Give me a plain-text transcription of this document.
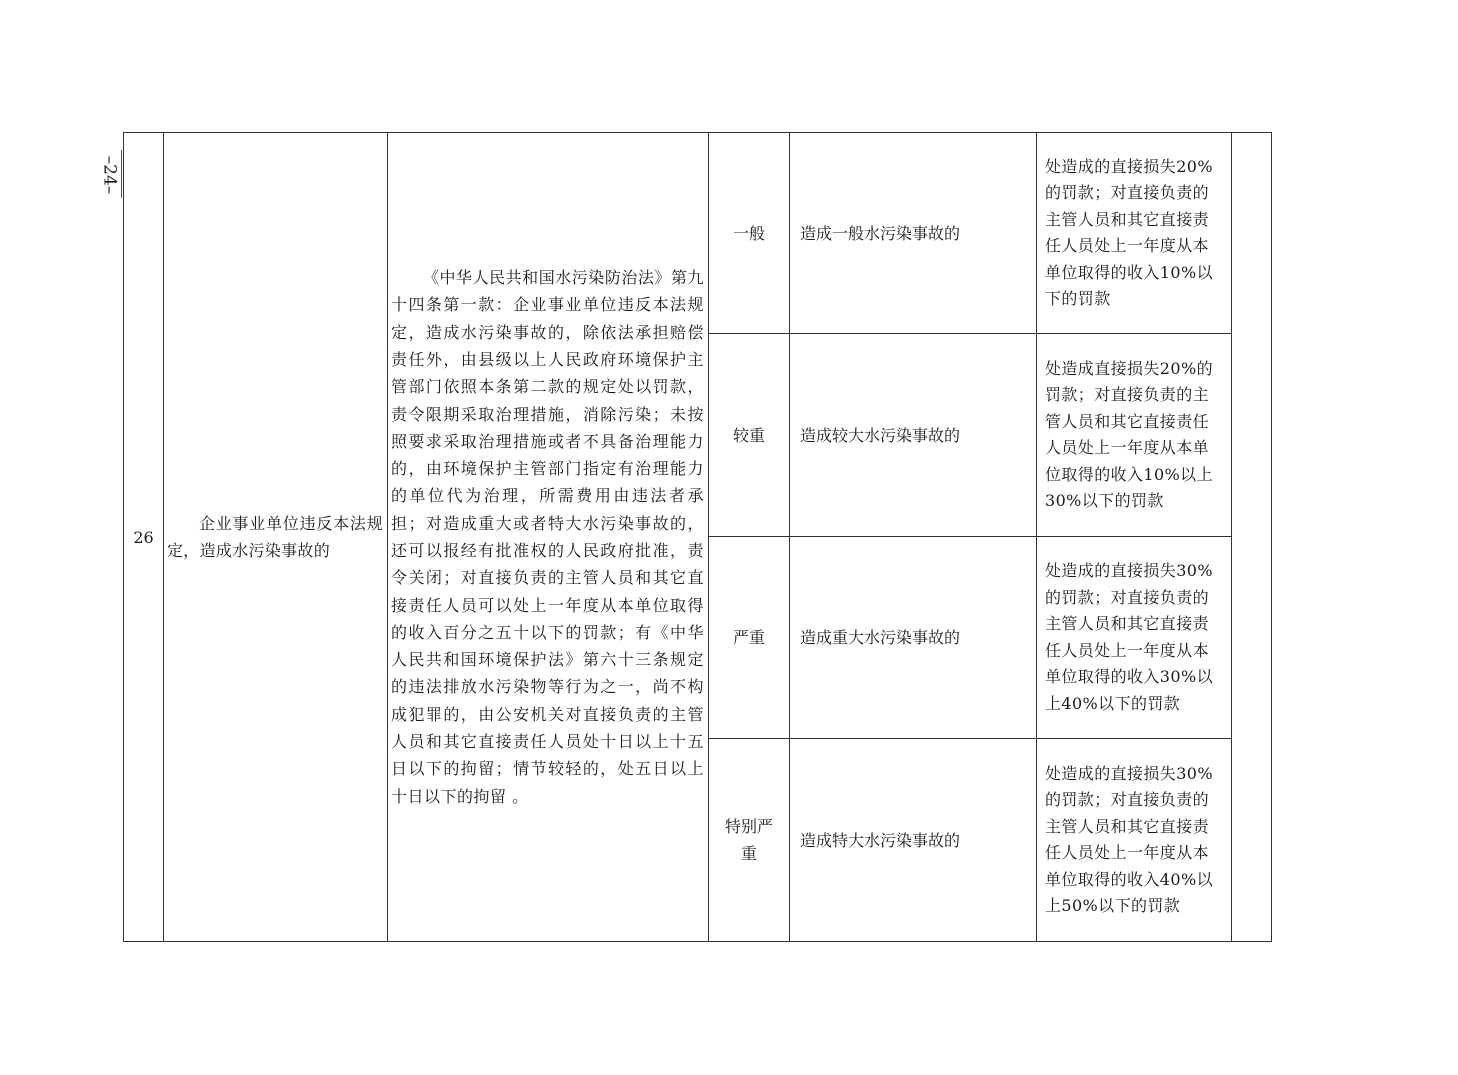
–24–
26	企业事业单位违反本法规定，造成水污染事故的	《中华人民共和国水污染防治法》第九十四条第一款：企业事业单位违反本法规定，造成水污染事故的，除依法承担赔偿责任外，由县级以上人民政府环境保护主管部门依照本条第二款的规定处以罚款，责令限期采取治理措施，消除污染；未按照要求采取治理措施或者不具备治理能力的，由环境保护主管部门指定有治理能力的单位代为治理，所需费用由违法者承担；对造成重大或者特大水污染事故的，还可以报经有批准权的人民政府批准，责令关闭；对直接负责的主管人员和其它直接责任人员可以处上一年度从本单位取得的收入百分之五十以下的罚款；有《中华人民共和国环境保护法》第六十三条规定的违法排放水污染物等行为之一，尚不构成犯罪的，由公安机关对直接负责的主管人员和其它直接责任人员处十日以上十五日以下的拘留；情节较轻的，处五日以上十日以下的拘留 。	一般	造成一般水污染事故的	处造成的直接损失20%的罚款；对直接负责的主管人员和其它直接责任人员处上一年度从本单位取得的收入10%以下的罚款	
			较重	造成较大水污染事故的	处造成直接损失20%的罚款；对直接负责的主管人员和其它直接责任人员处上一年度从本单位取得的收入10%以上30%以下的罚款	
			严重	造成重大水污染事故的	处造成的直接损失30%的罚款；对直接负责的主管人员和其它直接责任人员处上一年度从本单位取得的收入30%以上40%以下的罚款	
			特别严重	造成特大水污染事故的	处造成的直接损失30%的罚款；对直接负责的主管人员和其它直接责任人员处上一年度从本单位取得的收入40%以上50%以下的罚款	
